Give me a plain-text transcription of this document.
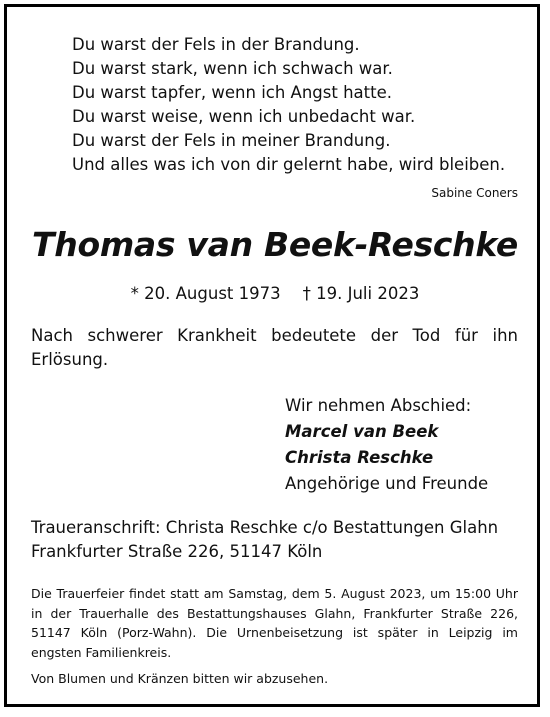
Du warst der Fels in der Brandung.
Du warst stark, wenn ich schwach war.
Du warst tapfer, wenn ich Angst hatte.
Du warst weise, wenn ich unbedacht war.
Du warst der Fels in meiner Brandung.
Und alles was ich von dir gelernt habe, wird bleiben.
Sabine Coners
Thomas van Beek-Reschke
* 20. August 1973 † 19. Juli 2023
Nach schwerer Krankheit bedeutete der Tod für ihn Erlösung.
Wir nehmen Abschied:
Marcel van Beek
Christa Reschke
Angehörige und Freunde
Traueranschrift: Christa Reschke c/o Bestattungen Glahn
Frankfurter Straße 226, 51147 Köln
Die Trauerfeier findet statt am Samstag, dem 5. August 2023, um 15:00 Uhr in der Trauerhalle des Bestattungshauses Glahn, Frankfurter Straße 226, 51147 Köln (Porz-Wahn). Die Urnenbeisetzung ist später in Leipzig im engsten Familienkreis.
Von Blumen und Kränzen bitten wir abzusehen.
